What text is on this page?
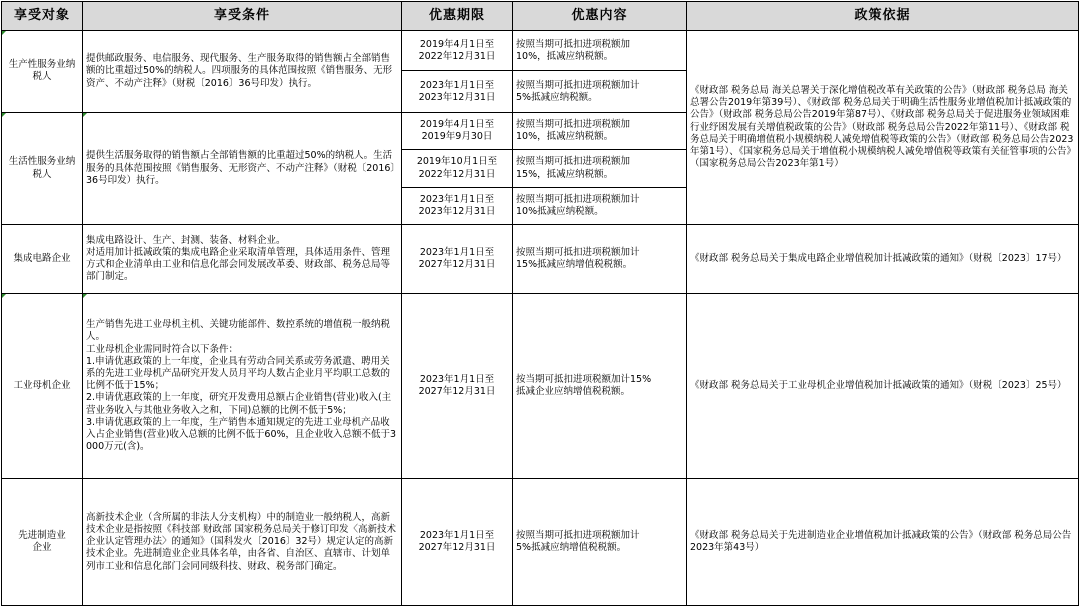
享受对象	享受条件	优惠期限	优惠内容	政策依据
生产性服务业纳税人	提供邮政服务、电信服务、现代服务、生产服务取得的销售额占全部销售额的比重超过50%的纳税人。四项服务的具体范围按照《销售服务、无形资产、不动产注释》（财税〔2016〕36号印发）执行。	2019年4月1日至
2022年12月31日	按照当期可抵扣进项税额加
10%，抵减应纳税额。	《财政部 税务总局 海关总署关于深化增值税改革有关政策的公告》（财政部 税务总局 海关总署公告2019年第39号）、《财政部 税务总局关于明确生活性服务业增值税加计抵减政策的公告》（财政部 税务总局公告2019年第87号）、《财政部 税务总局关于促进服务业领域困难行业纾困发展有关增值税政策的公告》（财政部 税务总局公告2022年第11号）、《财政部 税务总局关于明确增值税小规模纳税人减免增值税等政策的公告》（财政部 税务总局公告2023年第1号）、《国家税务总局关于增值税小规模纳税人减免增值税等政策有关征管事项的公告》（国家税务总局公告2023年第1号）
		2023年1月1日至
2023年12月31日	按照当期可抵扣进项税额加计
5%抵减应纳税额。	
生活性服务业纳税人	提供生活服务取得的销售额占全部销售额的比重超过50%的纳税人。生活服务的具体范围按照《销售服务、无形资产、不动产注释》（财税〔2016〕36号印发）执行。	2019年4月1日至
2019年9月30日	按照当期可抵扣进项税额加
10%，抵减应纳税额。	
		2019年10月1日至
2022年12月31日	按照当期可抵扣进项税额加
15%，抵减应纳税额。	
		2023年1月1日至
2023年12月31日	按照当期可抵扣进项税额加计
10%抵减应纳税额。	
集成电路企业	集成电路设计、生产、封测、装备、材料企业。
对适用加计抵减政策的集成电路企业采取清单管理，具体适用条件、管理方式和企业清单由工业和信息化部会同发展改革委、财政部、税务总局等部门制定。	2023年1月1日至
2027年12月31日	按照当期可抵扣进项税额加计
15%抵减应纳增值税税额。	《财政部 税务总局关于集成电路企业增值税加计抵减政策的通知》（财税〔2023〕17号）
工业母机企业	生产销售先进工业母机主机、关键功能部件、数控系统的增值税一般纳税人。
工业母机企业需同时符合以下条件：
1.申请优惠政策的上一年度，企业具有劳动合同关系或劳务派遣、聘用关系的先进工业母机产品研究开发人员月平均人数占企业月平均职工总数的比例不低于15%；
2.申请优惠政策的上一年度，研究开发费用总额占企业销售(营业)收入(主营业务收入与其他业务收入之和，下同)总额的比例不低于5%；
3.申请优惠政策的上一年度，生产销售本通知规定的先进工业母机产品收入占企业销售(营业)收入总额的比例不低于60%，且企业收入总额不低于3000万元(含)。	2023年1月1日至
2027年12月31日	按当期可抵扣进项税额加计15%
抵减企业应纳增值税税额。	《财政部 税务总局关于工业母机企业增值税加计抵减政策的通知》（财税〔2023〕25号）
先进制造业
企业	高新技术企业（含所属的非法人分支机构）中的制造业一般纳税人，高新技术企业是指按照《科技部 财政部 国家税务总局关于修订印发〈高新技术企业认定管理办法〉的通知》（国科发火〔2016〕32号）规定认定的高新技术企业。先进制造业企业具体名单，由各省、自治区、直辖市、计划单列市工业和信息化部门会同同级科技、财政、税务部门确定。	2023年1月1日至
2027年12月31日	按照当期可抵扣进项税额加计
5%抵减应纳增值税税额。	《财政部 税务总局关于先进制造业企业增值税加计抵减政策的公告》（财政部 税务总局公告2023年第43号）
